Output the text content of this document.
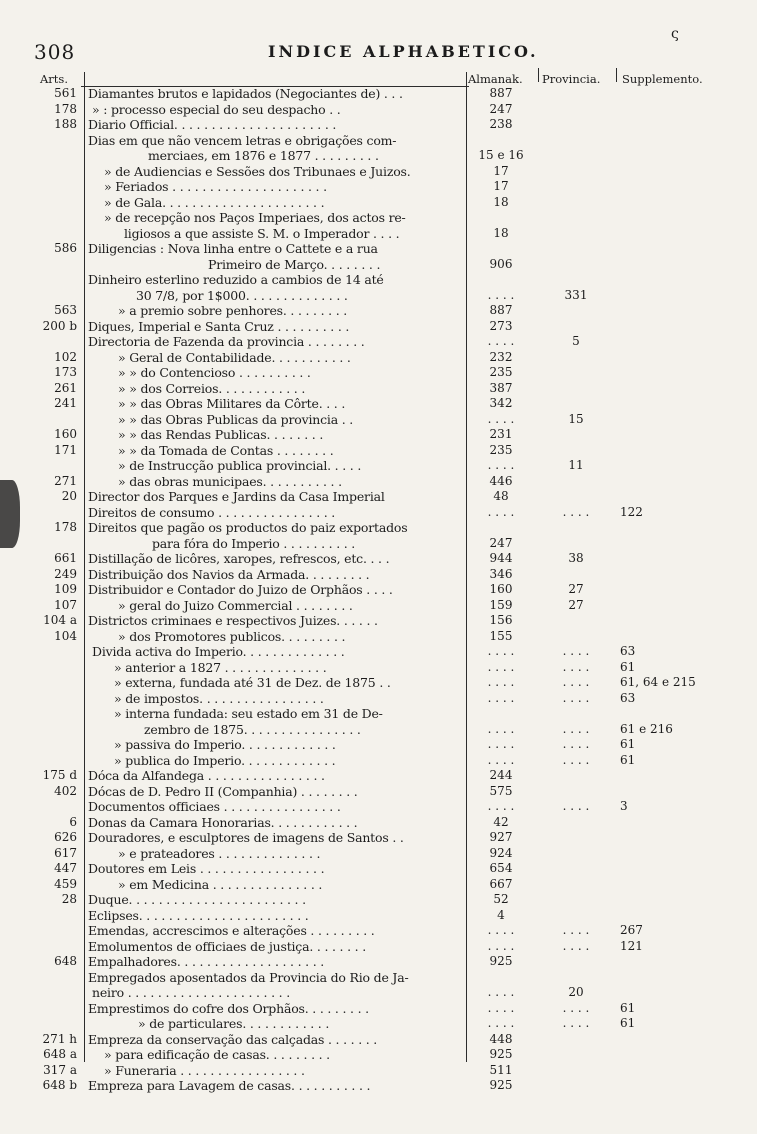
308	INDICE ALPHABETICO.
ς
Arts.	Almanak. Provincia. Supplemento.
561 Diamantes brutos e lapidados (Negociantes de) . . .	887
178	» : processo especial do seu despacho . .	247
188 Diario Official. . . . . . . . . . . . . . . . . . . . . .	238
Dias em que não vencem letras e obrigações com-
merciaes, em 1876 e 1877 . . . . . . . . .	15 e 16
» de Audiencias e Sessões dos Tribunaes e Juizos.	17
» Feriados . . . . . . . . . . . . . . . . . . . . .	17
» de Gala. . . . . . . . . . . . . . . . . . . . . .	18
» de recepção nos Paços Imperiaes, dos actos re-
ligiosos a que assiste S. M. o Imperador . . . .	18
586 Diligencias : Nova linha entre o Cattete e a rua
Primeiro de Março. . . . . . . .	906
Dinheiro esterlino reduzido a cambios de 14 até
30 7/8, por 1$000. . . . . . . . . . . . . .	. . . .	331
563	» a premio sobre penhores. . . . . . . . .	887
200 b Diques, Imperial e Santa Cruz . . . . . . . . . .	273
Directoria de Fazenda da provincia . . . . . . . .	. . . .	5
102	» Geral de Contabilidade. . . . . . . . . . .	232
173	» » do Contencioso . . . . . . . . . .	235
261	» » dos Correios. . . . . . . . . . . .	387
241	» » das Obras Militares da Côrte. . . .	342
» » das Obras Publicas da provincia . .	. . . .	15
160	» » das Rendas Publicas. . . . . . . .	231
171	» » da Tomada de Contas . . . . . . . .	235
» de Instrucção publica provincial. . . . .	. . . .	11
271	» das obras municipaes. . . . . . . . . . .	446
20 Director dos Parques e Jardins da Casa Imperial	48
Direitos de consumo . . . . . . . . . . . . . . . .	. . . .	. . . .	122
178 Direitos que pagão os productos do paiz exportados
para fóra do Imperio . . . . . . . . . .	247
661 Distillação de licôres, xaropes, refrescos, etc. . . .	944	38
249 Distribuição dos Navios da Armada. . . . . . . . .	346
109 Distribuidor e Contador do Juizo de Orphãos . . . .	160	27
107	» geral do Juizo Commercial . . . . . . . .	159	27
104 a Districtos criminaes e respectivos Juizes. . . . . .	156
104	» dos Promotores publicos. . . . . . . . .	155
Divida activa do Imperio. . . . . . . . . . . . . .	. . . .	. . . .	63
» anterior a 1827 . . . . . . . . . . . . . .	. . . .	. . . .	61
» externa, fundada até 31 de Dez. de 1875 . .	. . . .	. . . .	61, 64 e 215
» de impostos. . . . . . . . . . . . . . . . .	. . . .	. . . .	63
» interna fundada: seu estado em 31 de De-
zembro de 1875. . . . . . . . . . . . . . . .	. . . .	. . . .	61 e 216
» passiva do Imperio. . . . . . . . . . . . .	. . . .	. . . .	61
» publica do Imperio. . . . . . . . . . . . .	. . . .	. . . .	61
175 d Dóca da Alfandega . . . . . . . . . . . . . . . .	244
402 Dócas de D. Pedro II (Companhia) . . . . . . . .	575
Documentos officiaes . . . . . . . . . . . . . . . .	. . . .	. . . .	3
6 Donas da Camara Honorarias. . . . . . . . . . . .	42
626 Douradores, e esculptores de imagens de Santos . .	927
617	» e prateadores . . . . . . . . . . . . . .	924
447 Doutores em Leis . . . . . . . . . . . . . . . . .	654
459	» em Medicina . . . . . . . . . . . . . . .	667
28 Duque. . . . . . . . . . . . . . . . . . . . . . . .	52
Eclipses. . . . . . . . . . . . . . . . . . . . . . .	4
Emendas, accrescimos e alterações . . . . . . . . .	. . . .	. . . .	267
Emolumentos de officiaes de justiça. . . . . . . .	. . . .	. . . .	121
648 Empalhadores. . . . . . . . . . . . . . . . . . . .	925
Empregados aposentados da Provincia do Rio de Ja-
neiro . . . . . . . . . . . . . . . . . . . . . .	. . . .	20
Emprestimos do cofre dos Orphãos. . . . . . . . .	. . . .	. . . .	61
» de particulares. . . . . . . . . . . .	. . . .	. . . .	61
271 h Empreza da conservação das calçadas . . . . . . .	448
648 a	» para edificação de casas. . . . . . . . .	925
317 a	» Funeraria . . . . . . . . . . . . . . . . .	511
648 b Empreza para Lavagem de casas. . . . . . . . . . .	925
